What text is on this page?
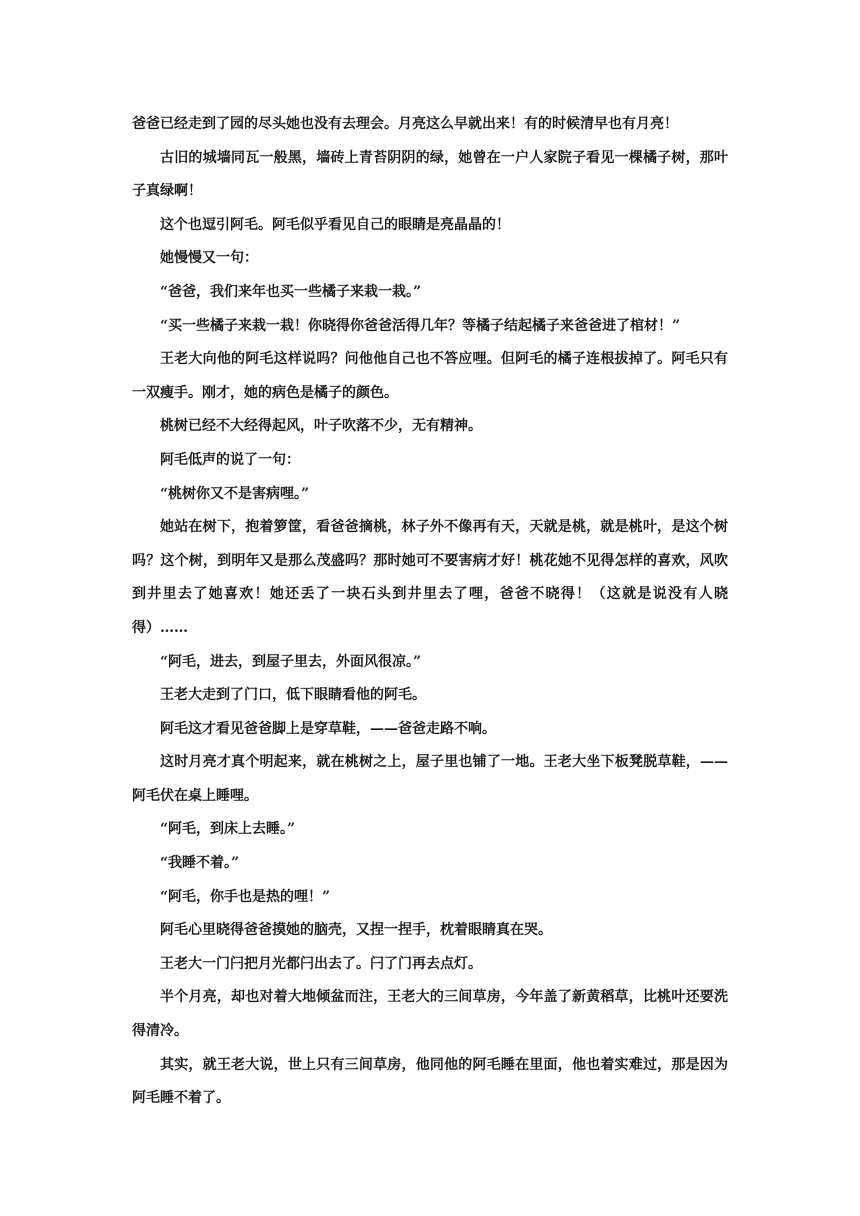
爸爸已经走到了园的尽头她也没有去理会。月亮这么早就出来！有的时候清早也有月亮！

古旧的城墙同瓦一般黑，墙砖上青苔阴阴的绿，她曾在一户人家院子看见一棵橘子树，那叶子真绿啊！

这个也逗引阿毛。阿毛似乎看见自己的眼睛是亮晶晶的！

她慢慢又一句：

“爸爸，我们来年也买一些橘子来栽一栽。”

“买一些橘子来栽一栽！你晓得你爸爸活得几年？等橘子结起橘子来爸爸进了棺材！”

王老大向他的阿毛这样说吗？问他他自己也不答应哩。但阿毛的橘子连根拔掉了。阿毛只有一双瘦手。刚才，她的病色是橘子的颜色。

桃树已经不大经得起风，叶子吹落不少，无有精神。

阿毛低声的说了一句：

“桃树你又不是害病哩。”

她站在树下，抱着箩筐，看爸爸摘桃，林子外不像再有天，天就是桃，就是桃叶，是这个树吗？这个树，到明年又是那么茂盛吗？那时她可不要害病才好！桃花她不见得怎样的喜欢，风吹到井里去了她喜欢！她还丢了一块石头到井里去了哩，爸爸不晓得！（这就是说没有人晓得）……

“阿毛，进去，到屋子里去，外面风很凉。”

王老大走到了门口，低下眼睛看他的阿毛。

阿毛这才看见爸爸脚上是穿草鞋，——爸爸走路不响。

这时月亮才真个明起来，就在桃树之上，屋子里也铺了一地。王老大坐下板凳脱草鞋，——阿毛伏在桌上睡哩。

“阿毛，到床上去睡。”

“我睡不着。”

“阿毛，你手也是热的哩！”

阿毛心里晓得爸爸摸她的脑壳，又捏一捏手，枕着眼睛真在哭。

王老大一门闩把月光都闩出去了。闩了门再去点灯。

半个月亮，却也对着大地倾盆而注，王老大的三间草房，今年盖了新黄稻草，比桃叶还要洗得清冷。

其实，就王老大说，世上只有三间草房，他同他的阿毛睡在里面，他也着实难过，那是因为阿毛睡不着了。
